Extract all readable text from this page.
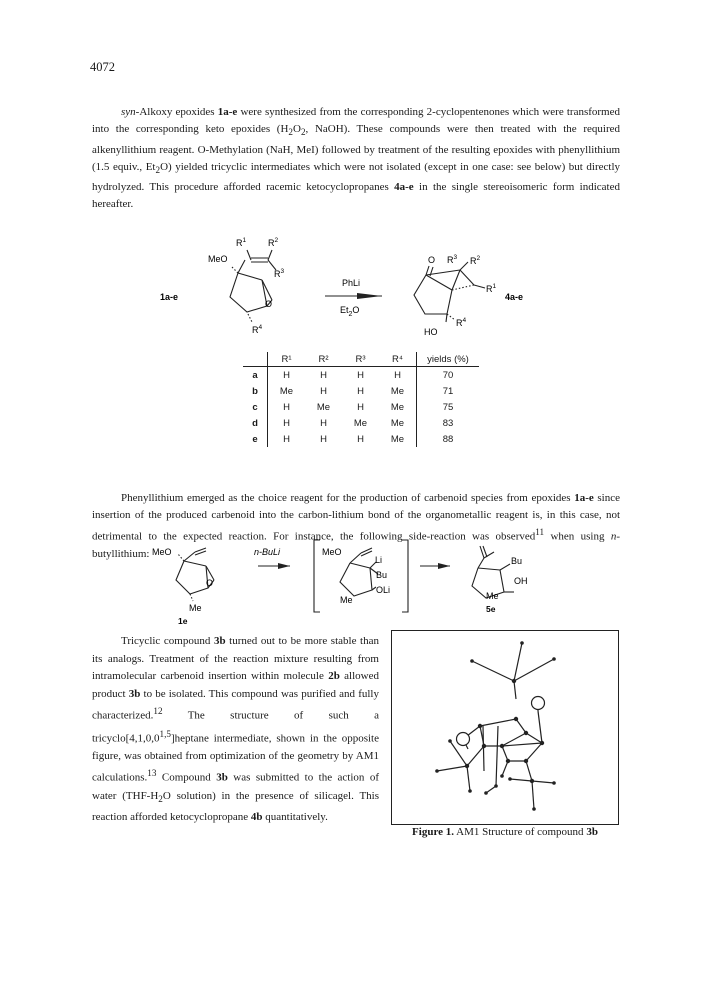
4072
syn-Alkoxy epoxides 1a-e were synthesized from the corresponding 2-cyclopentenones which were transformed into the corresponding keto epoxides ($H_2O_2$, NaOH). These compounds were then treated with the required alkenyllithium reagent. O-Methylation (NaH, MeI) followed by treatment of the resulting epoxides with phenyllithium (1.5 equiv., $Et_2O$) yielded tricyclic intermediates which were not isolated (except in one case: see below) but directly hydrolyzed. This procedure afforded racemic ketocyclopropanes 4a-e in the single stereoisomeric form indicated hereafter.
1a-e	4a-e
PhLi
$Et_2O$
MeO
O
$R^1$ $R^2$
$R^3$
$R^4$
O $R^3$ $R^2$
$R^1$
$R^4$
HO
	R¹	R²	R³	R⁴	yields (%)
a	H	H	H	H	70
b	Me	H	H	Me	71
c	H	Me	H	Me	75
d	H	H	Me	Me	83
e	H	H	H	Me	88
Phenyllithium emerged as the choice reagent for the production of carbenoid species from epoxides 1a-e since insertion of the produced carbenoid into the carbon-lithium bond of the organometallic reagent is, in this case, not detrimental to the expected reaction. For instance, the following side-reaction was observed$^{11}$ when using n-butyllithium: MeO
O
Me
1e
n-BuLi	MeO
Li
Bu
OLi
Me
Bu
OH
Me
5e
Tricyclic compound 3b turned out to be more stable than its analogs. Treatment of the reaction mixture resulting from intramolecular carbenoid insertion within molecule 2b allowed product 3b to be isolated. This compound was purified and fully characterized.$^{12}$ The structure of such a tricyclo[4,1,0,0$^{1,5}$]heptane intermediate, shown in the opposite figure, was obtained from optimization of the geometry by AM1 calculations.$^{13}$ Compound 3b was submitted to the action of water ($THF-H_2O$ solution) in the presence of silicagel. This reaction afforded ketocyclopropane 4b quantitatively.
Figure 1. AM1 Structure of compound 3b
